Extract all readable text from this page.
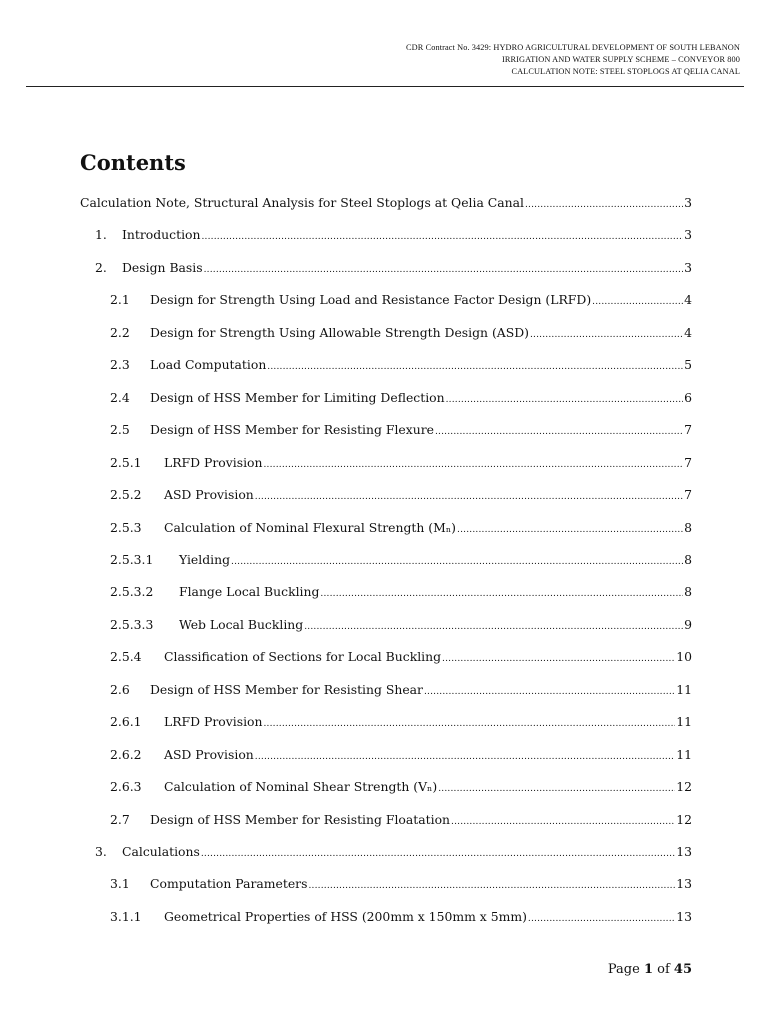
CDR Contract No. 3429: HYDRO AGRICULTURAL DEVELOPMENT OF SOUTH LEBANON
IRRIGATION AND WATER SUPPLY SCHEME – CONVEYOR 800
CALCULATION NOTE: STEEL STOPLOGS AT QELIA CANAL
Contents
Calculation Note, Structural Analysis for Steel Stoplogs at Qelia Canal .....	3
1.	Introduction .....	3
2.	Design Basis .....	3
2.1	Design for Strength Using Load and Resistance Factor Design (LRFD) .....	4
2.2	Design for Strength Using Allowable Strength Design (ASD) .....	4
2.3	Load Computation .....	5
2.4	Design of HSS Member for Limiting Deflection .....	6
2.5	Design of HSS Member for Resisting Flexure .....	7
2.5.1	LRFD Provision .....	7
2.5.2	ASD Provision .....	7
2.5.3	Calculation of Nominal Flexural Strength (Mₙ) .....	8
2.5.3.1	Yielding .....	8
2.5.3.2	Flange Local Buckling .....	8
2.5.3.3	Web Local Buckling .....	9
2.5.4	Classification of Sections for Local Buckling .....	10
2.6	Design of HSS Member for Resisting Shear .....	11
2.6.1	LRFD Provision .....	11
2.6.2	ASD Provision .....	11
2.6.3	Calculation of Nominal Shear Strength (Vₙ) .....	12
2.7	Design of HSS Member for Resisting Floatation .....	12
3.	Calculations .....	13
3.1	Computation Parameters .....	13
3.1.1	Geometrical Properties of HSS (200mm x 150mm x 5mm) .....	13
Page 1 of 45
